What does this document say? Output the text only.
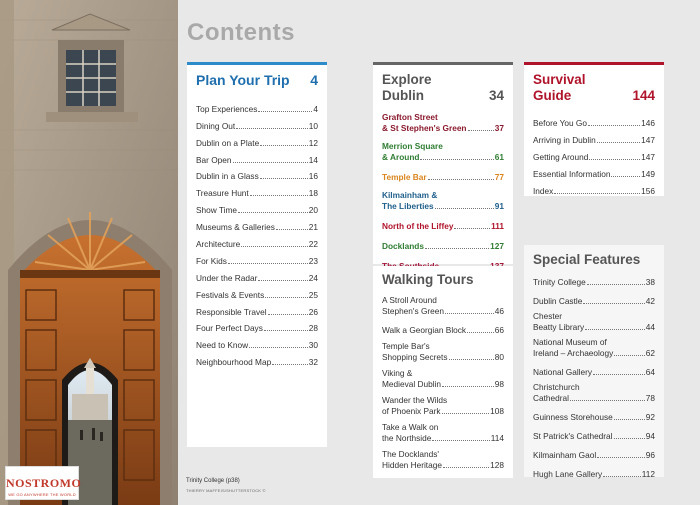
NOSTROMO
WE GO ANYWHERE THE WORLD
Contents
Plan Your Trip 4
Top Experiences	4
Dining Out	10
Dublin on a Plate	12
Bar Open	14
Dublin in a Glass	16
Treasure Hunt	18
Show Time	20
Museums & Galleries	21
Architecture	22
For Kids	23
Under the Radar	24
Festivals & Events	25
Responsible Travel	26
Four Perfect Days	28
Need to Know	30
Neighbourhood Map	32
Explore
Dublin	34
Grafton Street
& St Stephen's Green	37
Merrion Square
& Around	61
Temple Bar	77
Kilmainham &
The Liberties	91
North of the Liffey	111
Docklands	127
Walking Tours
A Stroll Around
Stephen's Green	46
Walk a Georgian Block	66
Temple Bar's
Shopping Secrets	80
Viking &
Medieval Dublin	98
Wander the Wilds
of Phoenix Park	108
Take a Walk on
the Northside	114
The Docklands'
Hidden Heritage	128
Survival
Guide	144
Before You Go	146
Arriving in Dublin	147
Getting Around	147
Essential Information	149
Index	156
Special Features
Trinity College	38
Dublin Castle	42
Chester
Beatty Library	44
National Museum of
Ireland – Archaeology	62
National Gallery	64
Christchurch
Cathedral	78
Guinness Storehouse	92
St Patrick's Cathedral	94
Kilmainham Gaol	96
Hugh Lane Gallery	112
Trinity College (p38)
THIERRY MAFFEIS/SHUTTERSTOCK ©
